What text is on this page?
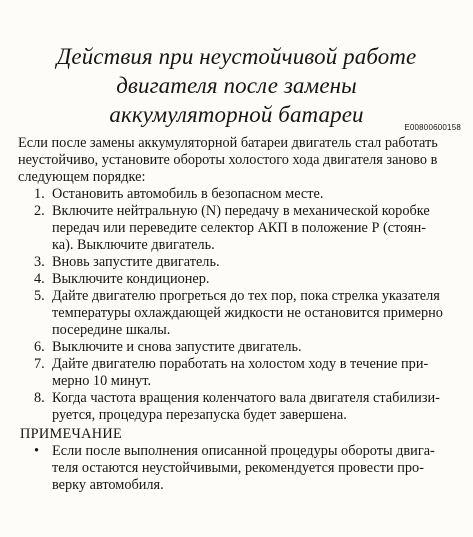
Действия при неустойчивой работе
двигателя после замены
аккумуляторной батареи
E00800600158
Если после замены аккумуляторной батареи двигатель стал работать
неустойчиво, установите обороты холостого хода двигателя заново в
следующем порядке:
1. Остановить автомобиль в безопасном месте.
2. Включите нейтральную (N) передачу в механической коробке
передач или переведите селектор АКП в положение Р (стоян-
ка). Выключите двигатель.
3. Вновь запустите двигатель.
4. Выключите кондиционер.
5. Дайте двигателю прогреться до тех пор, пока стрелка указателя
температуры охлаждающей жидкости не остановится примерно
посередине шкалы.
6. Выключите и снова запустите двигатель.
7. Дайте двигателю поработать на холостом ходу в течение при-
мерно 10 минут.
8. Когда частота вращения коленчатого вала двигателя стабилизи-
руется, процедура перезапуска будет завершена.
ПРИМЕЧАНИЕ
• Если после выполнения описанной процедуры обороты двига-
теля остаются неустойчивыми, рекомендуется провести про-
верку автомобиля.
